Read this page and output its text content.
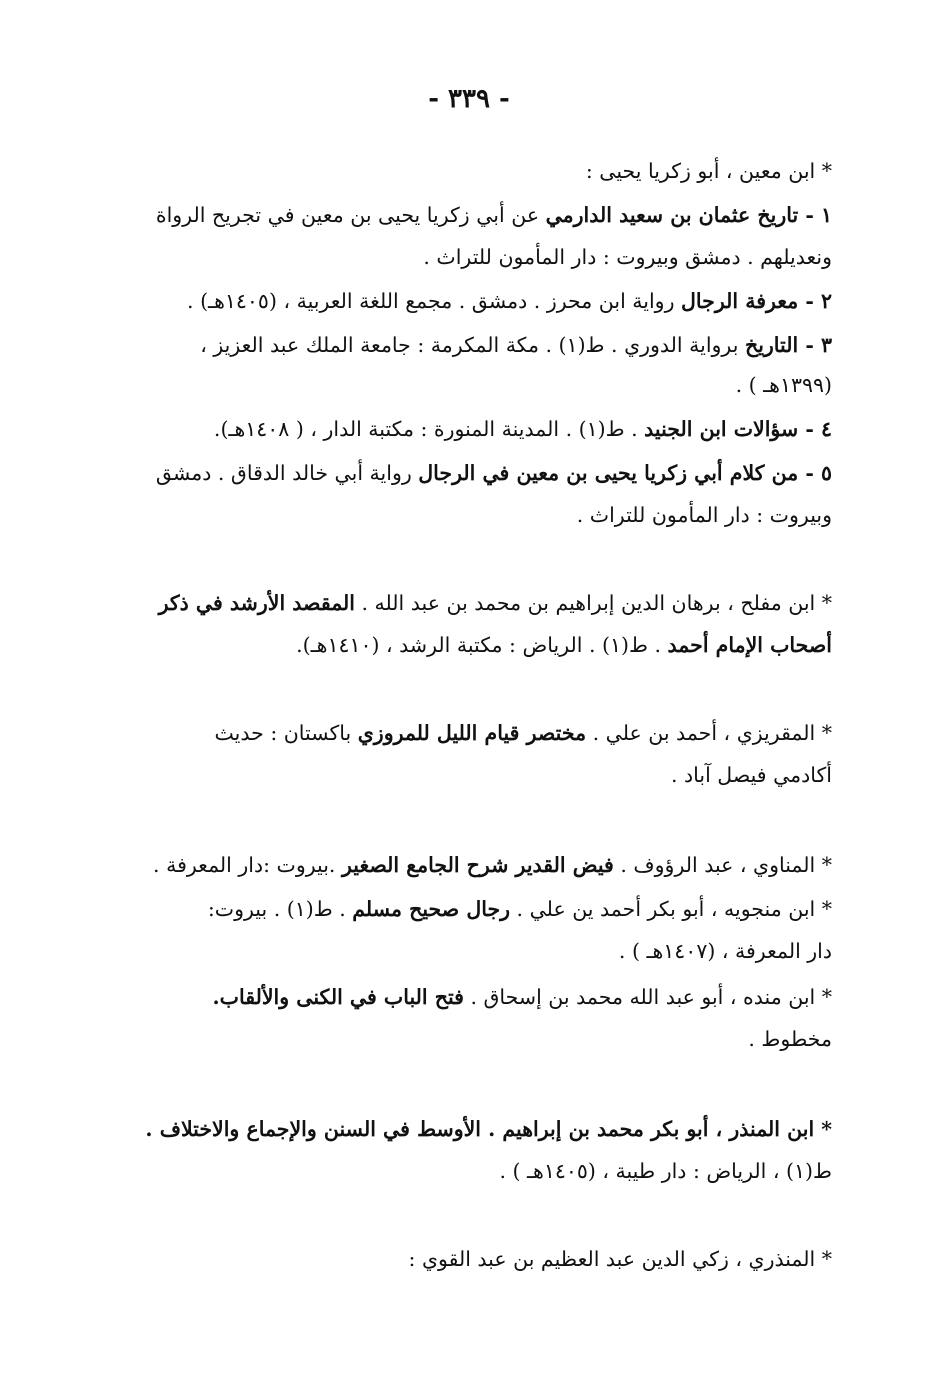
- ٣٣٩ -

* ابن معين ، أبو زكريا يحيى :

١ - تاريخ عثمان بن سعيد الدارمي عن أبي زكريا يحيى بن معين في تجريح الرواة

ونعديلهم . دمشق وبيروت : دار المأمون للتراث .

٢ - معرفة الرجال رواية ابن محرز . دمشق . مجمع اللغة العربية ، (١٤٠٥هـ) .

٣ - التاريخ برواية الدوري . ط(١) . مكة المكرمة : جامعة الملك عبد العزيز ،

(١٣٩٩هـ ) .

٤ - سؤالات ابن الجنيد . ط(١) . المدينة المنورة : مكتبة الدار ، ( ١٤٠٨هـ).

٥ - من كلام أبي زكريا يحيى بن معين في الرجال رواية أبي خالد الدقاق . دمشق

وبيروت : دار المأمون للتراث .

* ابن مفلح ، برهان الدين إبراهيم بن محمد بن عبد الله . المقصد الأرشد في ذكر

أصحاب الإمام أحمد . ط(١) . الرياض : مكتبة الرشد ، (١٤١٠هـ).

* المقريزي ، أحمد بن علي . مختصر قيام الليل للمروزي باكستان : حديث

أكادمي فيصل آباد .

* المناوي ، عبد الرؤوف . فيض القدير شرح الجامع الصغير .بيروت :دار المعرفة .

* ابن منجويه ، أبو بكر أحمد ين علي . رجال صحيح مسلم . ط(١) . بيروت:

دار المعرفة ، (١٤٠٧هـ ) .

* ابن منده ، أبو عبد الله محمد بن إسحاق . فتح الباب في الكنى والألقاب.

مخطوط .

* ابن المنذر ، أبو بكر محمد بن إبراهيم . الأوسط في السنن والإجماع والاختلاف .

ط(١) ، الرياض : دار طيبة ، (١٤٠٥هـ ) .

* المنذري ، زكي الدين عبد العظيم بن عبد القوي :
